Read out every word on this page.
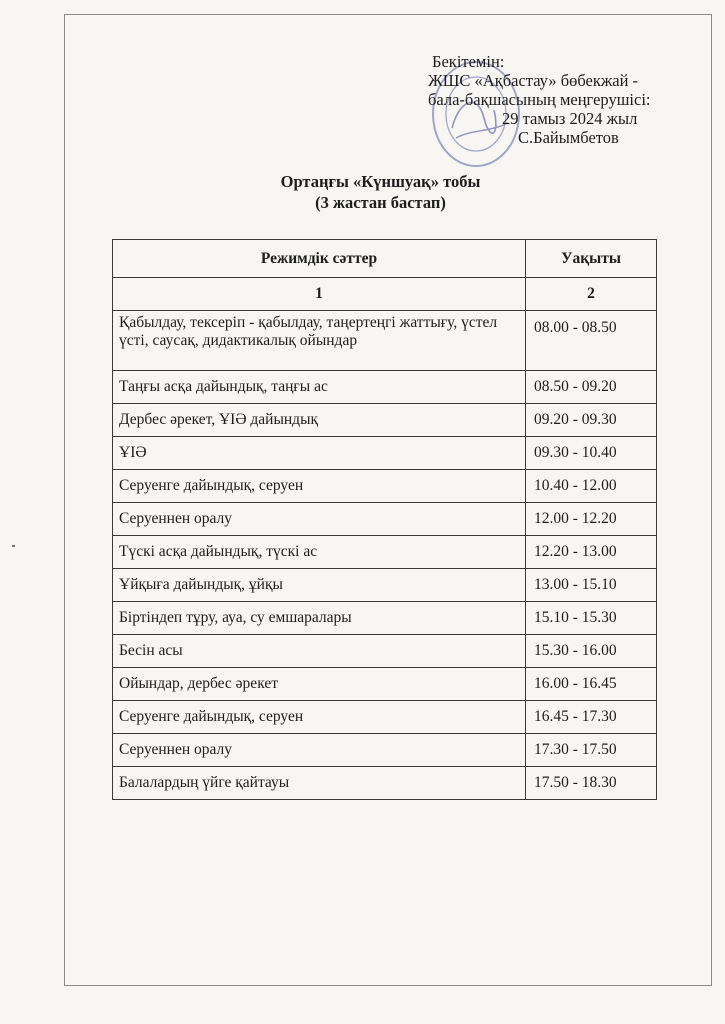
Бекітемін:
ЖШС «Ақбастау» бөбекжай -
бала-бақшасының меңгерушісі:
29 тамыз 2024 жыл
С.Байымбетов
Ортаңғы «Күншуақ» тобы
(3 жастан бастап)
Режимдік сәттер	Уақыты
1	2
Қабылдау, тексеріп - қабылдау, таңертеңгі жаттығу, үстел үсті, саусақ, дидактикалық ойындар	08.00 - 08.50
Таңғы асқа дайындық, таңғы ас	08.50 - 09.20
Дербес әрекет, ҰІӘ дайындық	09.20 - 09.30
ҰІӘ	09.30 - 10.40
Серуенге дайындық, серуен	10.40 - 12.00
Серуеннен оралу	12.00 - 12.20
Түскі асқа дайындық, түскі ас	12.20 - 13.00
Ұйқыға дайындық, ұйқы	13.00 - 15.10
Біртіндеп тұру, ауа, су емшаралары	15.10 - 15.30
Бесін асы	15.30 - 16.00
Ойындар, дербес әрекет	16.00 - 16.45
Серуенге дайындық, серуен	16.45 - 17.30
Серуеннен оралу	17.30 - 17.50
Балалардың үйге қайтауы	17.50 - 18.30
